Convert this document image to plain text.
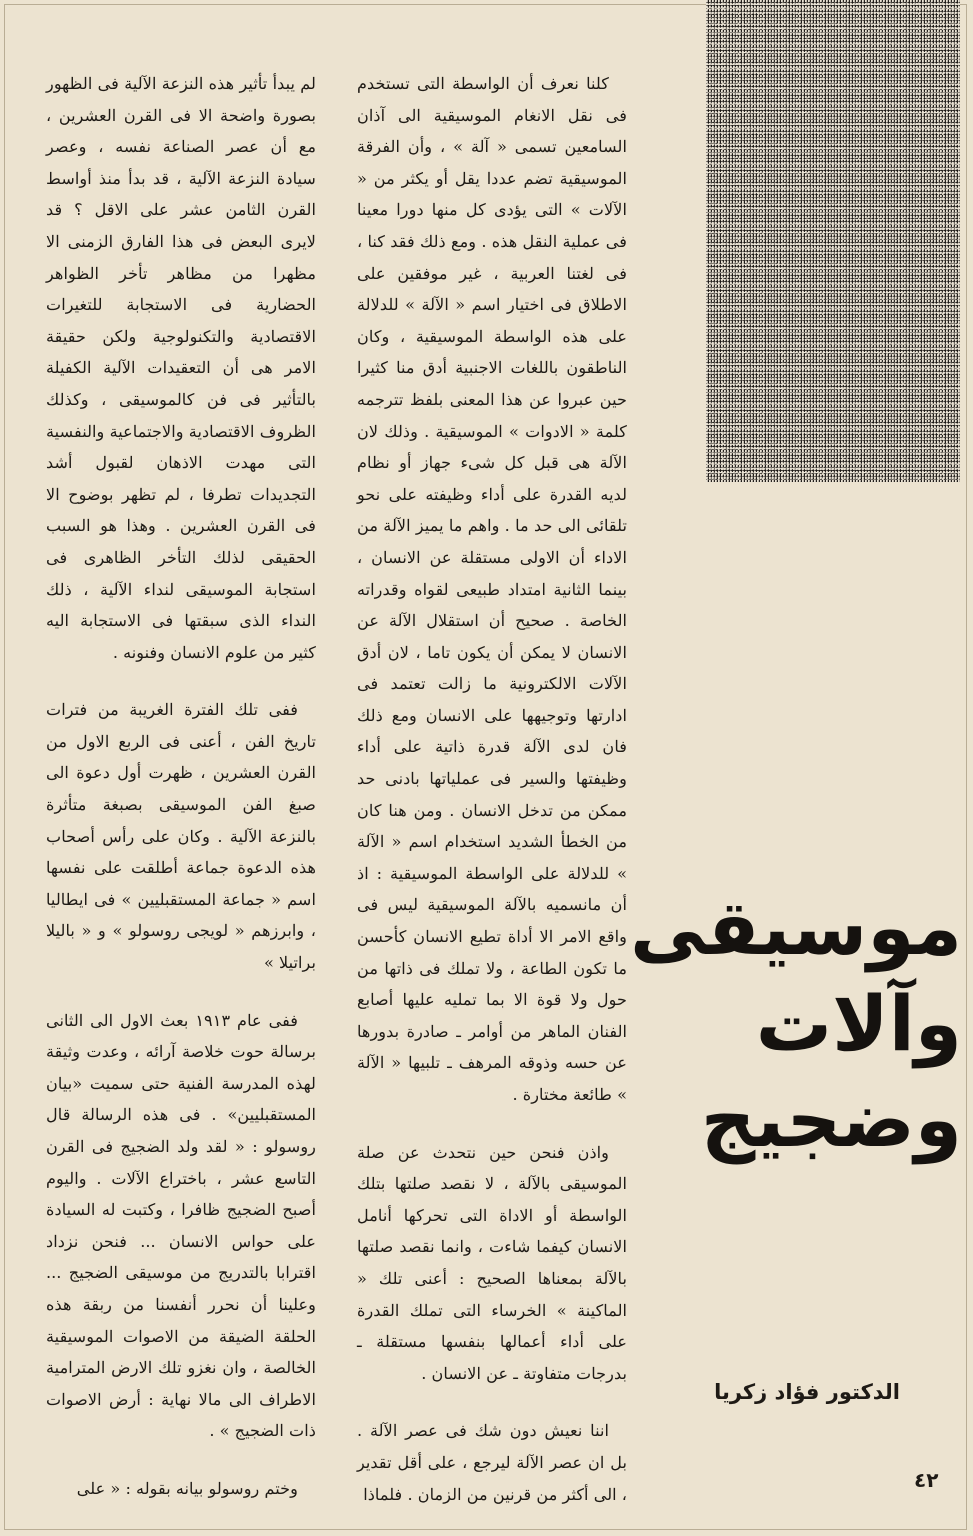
كلنا نعرف أن الواسطة التى تستخدم فى نقل الانغام الموسيقية الى آذان السامعين تسمى « آلة » ، وأن الفرقة الموسيقية تضم عددا يقل أو يكثر من « الآلات » التى يؤدى كل منها دورا معينا فى عملية النقل هذه . ومع ذلك فقد كنا ، فى لغتنا العربية ، غير موفقين على الاطلاق فى اختيار اسم « الآلة » للدلالة على هذه الواسطة الموسيقية ، وكان الناطقون باللغات الاجنبية أدق منا كثيرا حين عبروا عن هذا المعنى بلفظ تترجمه كلمة « الادوات » الموسيقية . وذلك لان الآلة هى قبل كل شىء جهاز أو نظام لديه القدرة على أداء وظيفته على نحو تلقائى الى حد ما . واهم ما يميز الآلة من الاداء أن الاولى مستقلة عن الانسان ، بينما الثانية امتداد طبيعى لقواه وقدراته الخاصة . صحيح أن استقلال الآلة عن الانسان لا يمكن أن يكون تاما ، لان أدق الآلات الالكترونية ما زالت تعتمد فى ادارتها وتوجيهها على الانسان ومع ذلك فان لدى الآلة قدرة ذاتية على أداء وظيفتها والسير فى عملياتها بادنى حد ممكن من تدخل الانسان . ومن هنا كان من الخطأ الشديد استخدام اسم « الآلة » للدلالة على الواسطة الموسيقية : اذ أن مانسميه بالآلة الموسيقية ليس فى واقع الامر الا أداة تطيع الانسان كأحسن ما تكون الطاعة ، ولا تملك فى ذاتها من حول ولا قوة الا بما تمليه عليها أصابع الفنان الماهر من أوامر ـ صادرة بدورها عن حسه وذوقه المرهف ـ تلبيها « الآلة » طائعة مختارة .

واذن فنحن حين نتحدث عن صلة الموسيقى بالآلة ، لا نقصد صلتها بتلك الواسطة أو الاداة التى تحركها أنامل الانسان كيفما شاءت ، وانما نقصد صلتها بالآلة بمعناها الصحيح : أعنى تلك « الماكينة » الخرساء التى تملك القدرة على أداء أعمالها بنفسها مستقلة ـ بدرجات متفاوتة ـ عن الانسان .

اننا نعيش دون شك فى عصر الآلة . بل ان عصر الآلة ليرجع ، على أقل تقدير ، الى أكثر من قرنين من الزمان . فلماذا

لم يبدأ تأثير هذه النزعة الآلية فى الظهور بصورة واضحة الا فى القرن العشرين ، مع أن عصر الصناعة نفسه ، وعصر سيادة النزعة الآلية ، قد بدأ منذ أواسط القرن الثامن عشر على الاقل ؟ قد لايرى البعض فى هذا الفارق الزمنى الا مظهرا من مظاهر تأخر الظواهر الحضارية فى الاستجابة للتغيرات الاقتصادية والتكنولوجية ولكن حقيقة الامر هى أن التعقيدات الآلية الكفيلة بالتأثير فى فن كالموسيقى ، وكذلك الظروف الاقتصادية والاجتماعية والنفسية التى مهدت الاذهان لقبول أشد التجديدات تطرفا ، لم تظهر بوضوح الا فى القرن العشرين . وهذا هو السبب الحقيقى لذلك التأخر الظاهرى فى استجابة الموسيقى لنداء الآلية ، ذلك النداء الذى سبقتها فى الاستجابة اليه كثير من علوم الانسان وفنونه .

ففى تلك الفترة الغريبة من فترات تاريخ الفن ، أعنى فى الربع الاول من القرن العشرين ، ظهرت أول دعوة الى صبغ الفن الموسيقى بصبغة متأثرة بالنزعة الآلية . وكان على رأس أصحاب هذه الدعوة جماعة أطلقت على نفسها اسم « جماعة المستقبليين » فى ايطاليا ، وابرزهم « لويجى روسولو » و « باليلا براتيلا »

ففى عام ١٩١٣ بعث الاول الى الثانى برسالة حوت خلاصة آرائه ، وعدت وثيقة لهذه المدرسة الفنية حتى سميت «بيان المستقبليين» . فى هذه الرسالة قال روسولو : « لقد ولد الضجيج فى القرن التاسع عشر ، باختراع الآلات . واليوم أصبح الضجيج ظافرا ، وكتبت له السيادة على حواس الانسان ... فنحن نزداد اقترابا بالتدريج من موسيقى الضجيج ... وعلينا أن نحرر أنفسنا من ربقة هذه الحلقة الضيقة من الاصوات الموسيقية الخالصة ، وان نغزو تلك الارض المترامية الاطراف الى مالا نهاية : أرض الاصوات ذات الضجيج » .

وختم روسولو بيانه بقوله : « على

موسيقى
وآلات
وضجيج
الدكتور فؤاد زكريا
٤٢
